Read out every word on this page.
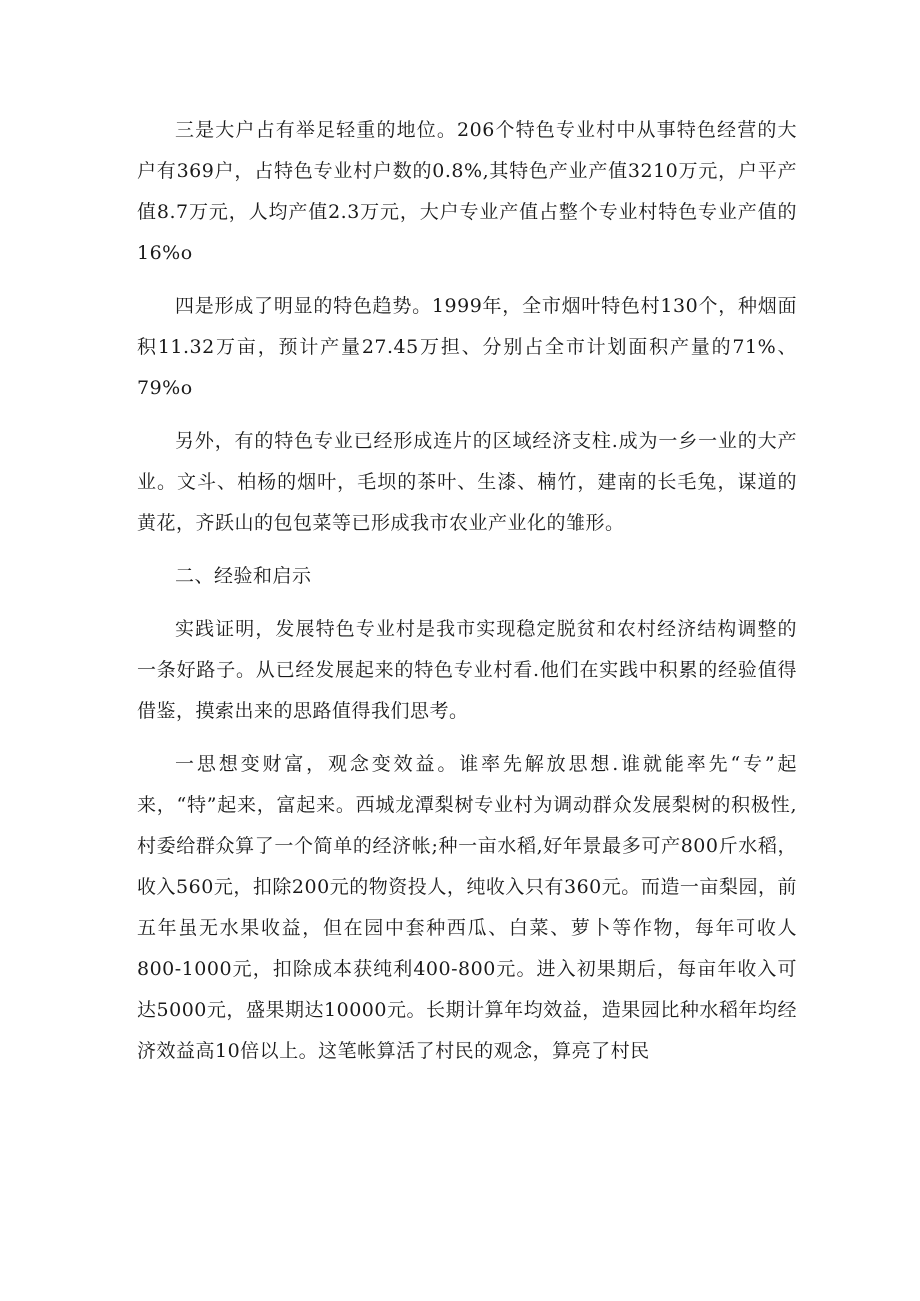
三是大户占有举足轻重的地位。206个特色专业村中从事特色经营的大户有369户，占特色专业村户数的0.8%,其特色产业产值3210万元，户平产值8.7万元，人均产值2.3万元，大户专业产值占整个专业村特色专业产值的16%o

四是形成了明显的特色趋势。1999年，全市烟叶特色村130个，种烟面积11.32万亩，预计产量27.45万担、分别占全市计划面积产量的71%、79%o

另外，有的特色专业已经形成连片的区域经济支柱.成为一乡一业的大产业。文斗、柏杨的烟叶，毛坝的茶叶、生漆、楠竹，建南的长毛兔，谋道的黄花，齐跃山的包包菜等已形成我市农业产业化的雏形。

二、经验和启示

实践证明，发展特色专业村是我市实现稳定脱贫和农村经济结构调整的一条好路子。从已经发展起来的特色专业村看.他们在实践中积累的经验值得借鉴，摸索出来的思路值得我们思考。

一思想变财富，观念变效益。谁率先解放思想.谁就能率先“专”起来，“特”起来，富起来。西城龙潭梨树专业村为调动群众发展梨树的积极性,村委给群众算了一个简单的经济帐;种一亩水稻,好年景最多可产800斤水稻，收入560元，扣除200元的物资投人，纯收入只有360元。而造一亩梨园，前五年虽无水果收益，但在园中套种西瓜、白菜、萝卜等作物，每年可收人800-1000元，扣除成本获纯利400-800元。进入初果期后，每亩年收入可达5000元，盛果期达10000元。长期计算年均效益，造果园比种水稻年均经济效益高10倍以上。这笔帐算活了村民的观念，算亮了村民
